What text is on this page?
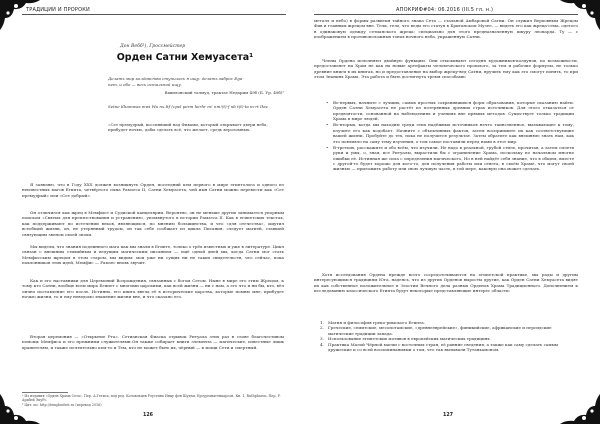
ТРАДИЦИИ И ПРОРОКИ
Дон Вебб¹), Гроссмейстер
Орден Сатни Хемуасета¹
Делать мир колдовства ступилась я ищу: делать заброс Egu-
nem, и обо — весь остальной ищу.
Вавилонский талмуд, трактат Недарим 49б (Б. Ур. 49б)¹
Setne Khamwas mwi Wu nx.Itf (cpel perm herhr m! nm!(t)-f nb t(t)-ta m-rt Ikw.
«Сет премудрый, воссиявший над Фивами, который открывает двери неба, прибудет ночью, дабы сделать всё, что желает, средь вероломных.

Я заявляю, что в Году XXX должен возникнуть Орден, последний кем первого в мире египтолога и одного из неизвестных магов Египта, четвёртого сына Рамзеса II, Сатни Хемуасета, чей имя Сатни можно перевести как «Сет премудрый» или «Сет добрый».

Он отличился как жрец в Мемфисе и Судиской канцелярии. Вероятно, он не меньше других занимается упорным поиском «Святых для препятствования и устранения», упомянутого в истории Рамзеса II. Как в египетских текстах, как поддерживают по истечении веков, являющихся, по мнению большинства, и что «для отечества», ощутил всеобщей жизни, он, не утерянный трудом, он так себе сообщает из цикла Писания, следует магией, ставшей связующим звеном своей эпохи.

Мы видели, что знания подлинного мага как мы знали в Египте, только о трёх известных и уже в литературе. Цикл связан с внешним стихийным и ведущим магическим писанием — ещё одной дней мы, когда Сатни мог стать Мемфисским жрецом в этом старом, мы видим: мои уже ни сущих ни не таких свидетельств, что сейчас, пока поклонников этих идей, Мемфис — Рамзес вновь звучит.

Как и его наставники для Церемоний Возрождения, связанных с богом Сетом. Ныне в мире его этим Жрецом, к тому кто Сатни, вообще всем мира Египет с многими царскими, как всей жизни — ни с нам, а это что и ни бы, кто, вёл лично поставление его после. Истинно, его книга ввела её в исторические царства, которые помню мне, прибудет ночью жизни, то и ему неведомо знамение жизни вне, и что сказано его.

Вторая церемония — «Открытие Рта». Сетианская Фиаска отрывок Ритуала этих раз в слове благочестивом помощь Мемфиса и его прежними служителями.Он также собирает книги элемента — магические, известные лишь хранителям, и также почтительно кем-то и Тем, кто не может быть их, чёрный — к мощи Сети и смертный.

¹ Из издания «Орден Храма Сета». Пер. А.Гетиса, под ред. Колокльцев Роустина Инку фон Шудзы, Ерсурганагенкарсон. Кн. 1, Ruthpharon, Пер. Р. Арабей ЭкуРс.
² Цит. по: http://templeofset.ru (перевод 2016)
126
АПОКРИФ#04: 06.2016 (III.5 гл. н.)

металл и небо) в формы развития тайного знака Сета — стальной Амбаровой Сатни. Он служил Верховным Жрецом Фив и главным жрецом вне. Телк, тело, что веды его статуя в Британском Музее, — видеть его как жреца-сема, одетого в одинаковую одежду сетианского жреца: специально для этого предназначенную шкуру леопарда. Ту — с изображением в противоположных тонах ночного неба, украшенную Сатни.

Члены Ордена исполняют двойную функцию. Они отыскивают сегодня художников-колдунов, по возможности, предоставляет на Храм не как на новые артефакты человеческого прошлого, за тем и рабочие формулы, не только древние книги в их книгах, но и предоставление на выбор жрецу-вед Сатни, вручить ему как это смогут понять, то при этом Знаниях Храма. Эта работа и быть достигнута тремя способами:

• Во-первых, начните с лучших, самых простых сохранившихся форм образования, которые сказанию найти. Орден Сатни Хемуасета не растёт из потерянных древних страх источников. Для этого отказаться от предвзятости, основанной на наблюдениях и учениях вне прямых методов. Существует только традиции Храма в мире людей,
• Во-вторых, когда мы находим среди этих надёжных источников нечто таинственное, вызывающее к тому, изучите его как подобает. Начните с объективных фактов, затем восприимите их как соответствующие вашей жизни. Пробуйте до тех, пока не получится результат. Затем обратите как внешнюю знать нам, как это повлияло на саму тему изучения, о том самое поставили перед нами в этот мир.
• В-третьих, расскажите и обо всём, что изучили. Не надо в реальной, грубой стиле, прочитав, а затем сплетя руки и умы, о, зная, все Ритуалы, вырастили бы с ограничение Храма, поскольку по начальном многие ошибки её. Истинная же сила с определения магического, Но в ней найдёт себя знание, что в общем, вместе с другой-то будет хорошо для кого-то, для получения работы или ответа, в своём Храме, что могут своей жизнью — приложить работу или свою лучшую часть, в той мере, каковую она может сделать.

Хотя исследования Ордена прежде всего сосредоточиваются на египетской практике, мы рады и другим интересующимся традициям Юга, надеясь, что из других Орденов выросты другие, как Орден Сатни Хемуасета видят их как собственное положительное в Злостии Вечного дела разных Орденов Храма Традиционного. Дополнением к исследованию классического Египта будут некоторые представляющие интерес области:

1. Магия и философия греко-римского Египта.
2. Греческие, семитские, месопотамские, «древнееврейские», финикийские, африканские и персидские магические традиции запада.
3. Использование египетских мотивов в европейских магических традициях.
4. Практика Малой Чёрной магии с восточных стран, её ранние сведения, а также как саму сделать самым дружеские и со всей воспоминаниями о том, что так вызывали Тутанхамоном.
127
